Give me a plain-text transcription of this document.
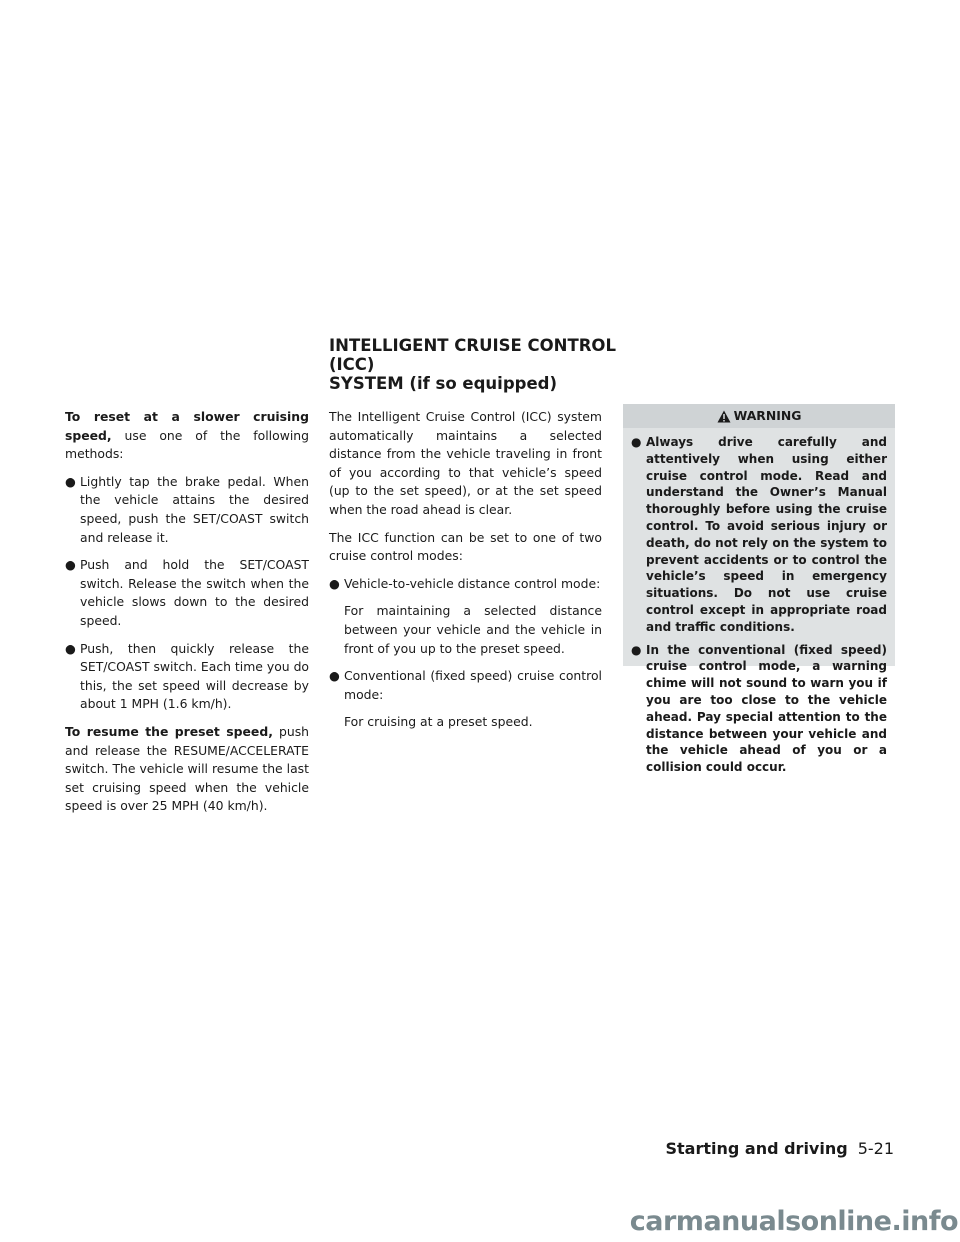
INTELLIGENT CRUISE CONTROL (ICC)
SYSTEM (if so equipped)

To reset at a slower cruising speed, use one of the following methods:

● Lightly tap the brake pedal. When the vehicle attains the desired speed, push the SET/COAST switch and release it.
● Push and hold the SET/COAST switch. Release the switch when the vehicle slows down to the desired speed.
● Push, then quickly release the SET/COAST switch. Each time you do this, the set speed will decrease by about 1 MPH (1.6 km/h).

To resume the preset speed, push and release the RESUME/ACCELERATE switch. The vehicle will resume the last set cruising speed when the vehicle speed is over 25 MPH (40 km/h).

The Intelligent Cruise Control (ICC) system automatically maintains a selected distance from the vehicle traveling in front of you according to that vehicle’s speed (up to the set speed), or at the set speed when the road ahead is clear.

The ICC function can be set to one of two cruise control modes:

● Vehicle-to-vehicle distance control mode:
For maintaining a selected distance between your vehicle and the vehicle in front of you up to the preset speed.
● Conventional (fixed speed) cruise control mode:
For cruising at a preset speed.
WARNING
● Always drive carefully and attentively when using either cruise control mode. Read and understand the Owner’s Manual thoroughly before using the cruise control. To avoid serious injury or death, do not rely on the system to prevent accidents or to control the vehicle’s speed in emergency situations. Do not use cruise control except in appropriate road and traffic conditions.
● In the conventional (fixed speed) cruise control mode, a warning chime will not sound to warn you if you are too close to the vehicle ahead. Pay special attention to the distance between your vehicle and the vehicle ahead of you or a collision could occur.
Starting and driving 5-21
carmanualsonline.info
